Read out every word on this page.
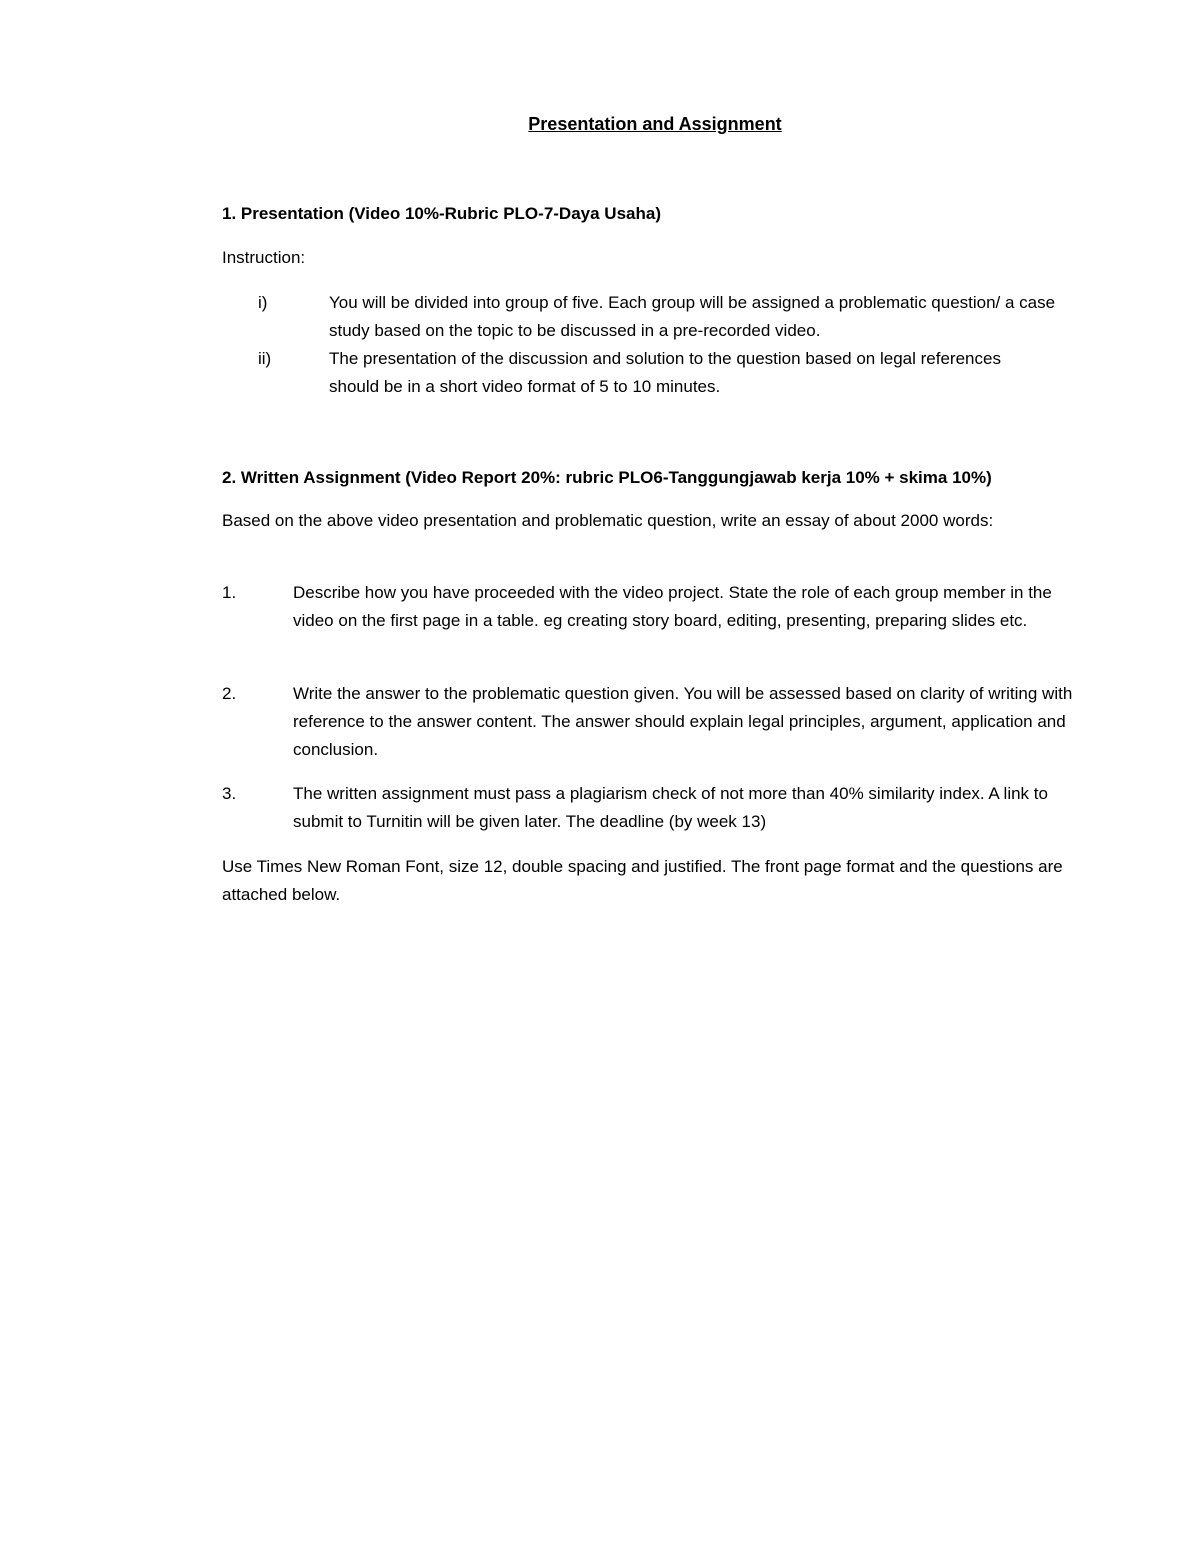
Presentation and Assignment
1. Presentation (Video 10%-Rubric PLO-7-Daya Usaha)
Instruction:
i)	You will be divided into group of five. Each group will be assigned a problematic question/ a case study based on the topic to be discussed in a pre-recorded video.
ii)	The presentation of the discussion and solution to the question based on legal references should be in a short video format of 5 to 10 minutes.
2. Written Assignment (Video Report 20%: rubric PLO6-Tanggungjawab kerja 10% + skima 10%)
Based on the above video presentation and problematic question, write an essay of about 2000 words:
1.	Describe how you have proceeded with the video project. State the role of each group member in the video on the first page in a table. eg creating story board, editing, presenting, preparing slides etc.
2.	Write the answer to the problematic question given. You will be assessed based on clarity of writing with reference to the answer content. The answer should explain legal principles, argument, application and conclusion.
3.	The written assignment must pass a plagiarism check of not more than 40% similarity index. A link to submit to Turnitin will be given later. The deadline (by week 13)
Use Times New Roman Font, size 12, double spacing and justified. The front page format and the questions are attached below.
